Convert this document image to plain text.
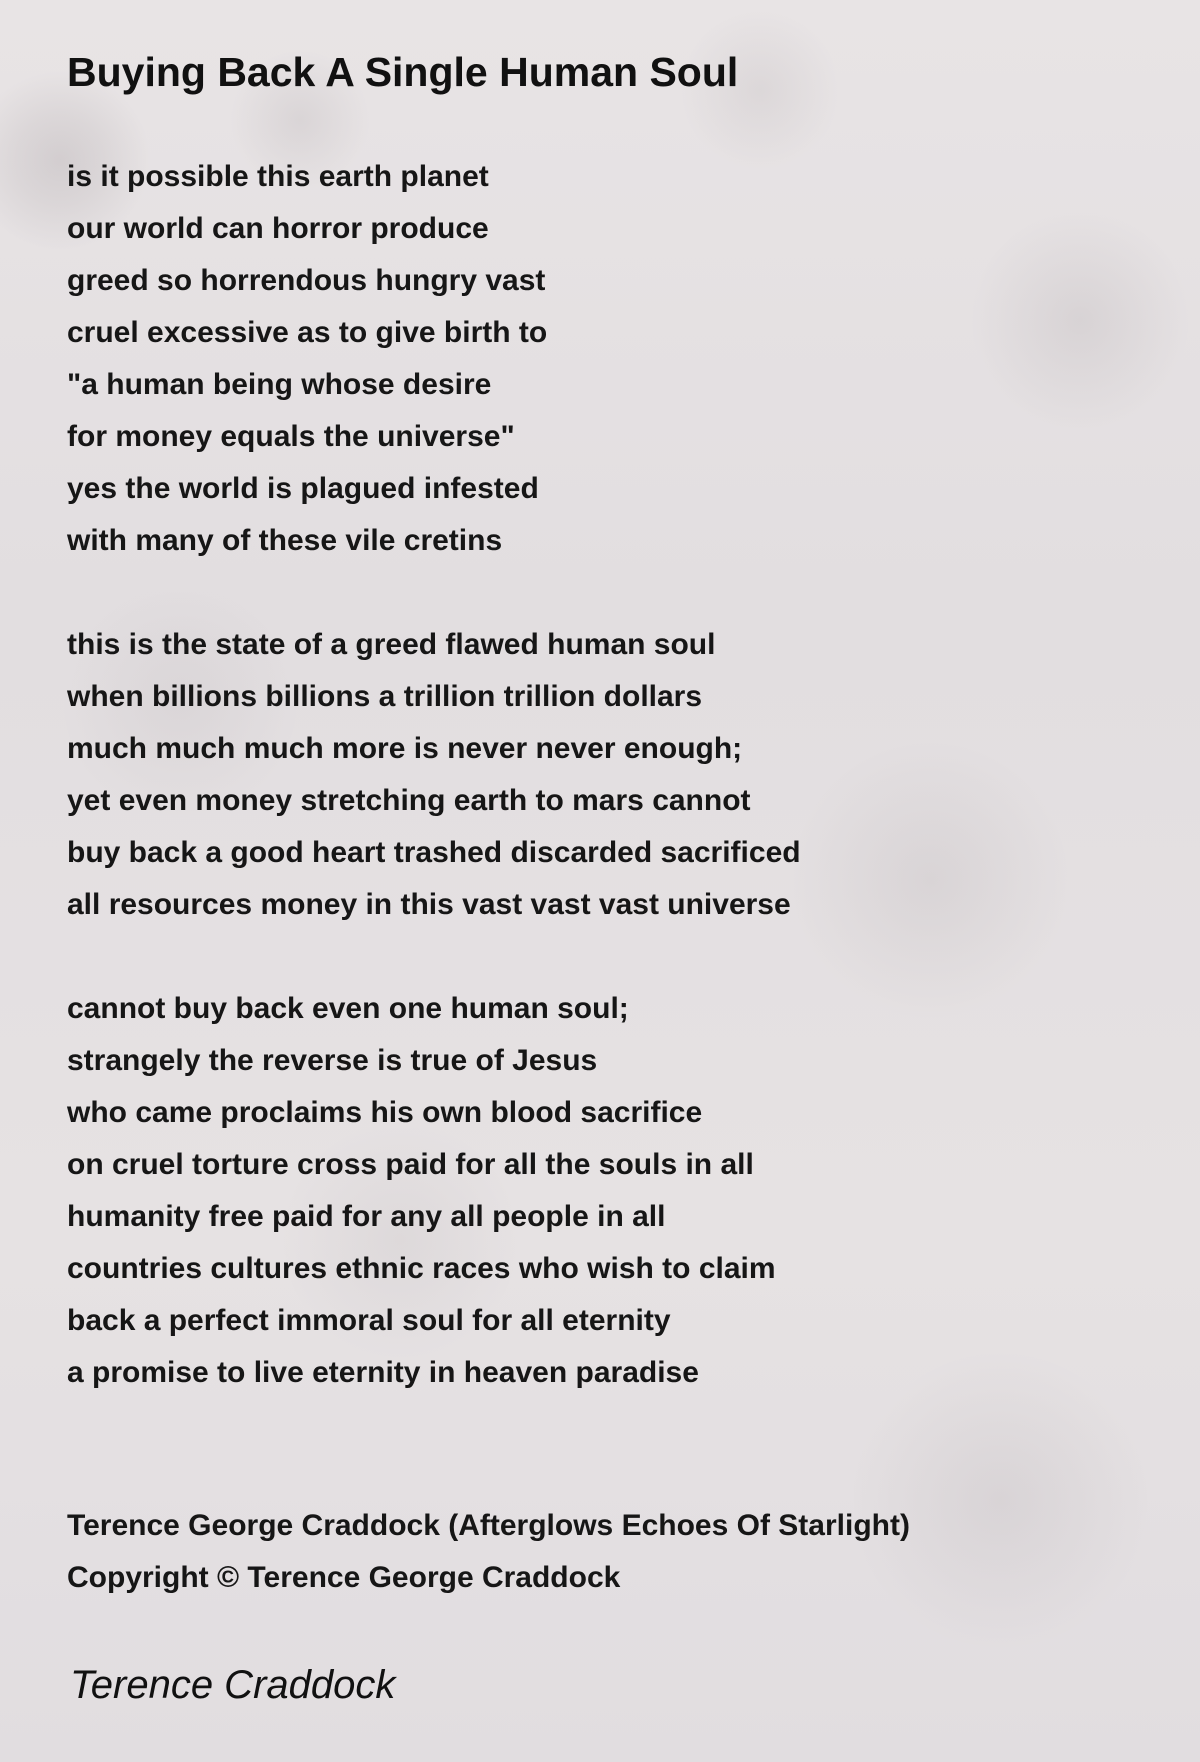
Buying Back A Single Human Soul
is it possible this earth planet
our world can horror produce
greed so horrendous hungry vast
cruel excessive as to give birth to
"a human being whose desire
for money equals the universe"
yes the world is plagued infested
with many of these vile cretins
this is the state of a greed flawed human soul
when billions billions a trillion trillion dollars
much much much more is never never enough;
yet even money stretching earth to mars cannot
buy back a good heart trashed discarded sacrificed
all resources money in this vast vast vast universe
cannot buy back even one human soul;
strangely the reverse is true of Jesus
who came proclaims his own blood sacrifice
on cruel torture cross paid for all the souls in all
humanity free paid for any all people in all
countries cultures ethnic races who wish to claim
back a perfect immoral soul for all eternity
a promise to live eternity in heaven paradise
Terence George Craddock (Afterglows Echoes Of Starlight)
Copyright © Terence George Craddock
Terence Craddock
